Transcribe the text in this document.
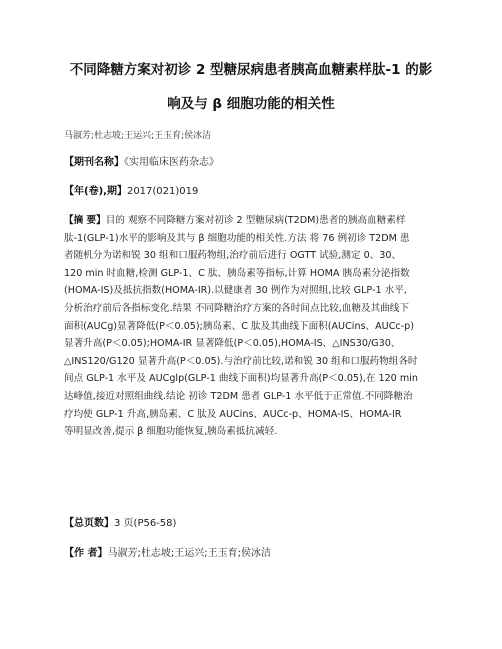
不同降糖方案对初诊 2 型糖尿病患者胰高血糖素样肽-1 的影
响及与 β 细胞功能的相关性
马淑芳;杜志坡;王运兴;王玉育;侯冰洁
【期刊名称】《实用临床医药杂志》
【年(卷),期】2017(021)019
【摘 要】目的 观察不同降糖方案对初诊 2 型糖尿病(T2DM)患者的胰高血糖素样
肽-1(GLP-1)水平的影响及其与 β 细胞功能的相关性.方法 将 76 例初诊 T2DM 患
者随机分为诺和锐 30 组和口服药物组,治疗前后进行 OGTT 试验,测定 0、30、
120 min 时血糖,检测 GLP-1、C 肽、胰岛素等指标,计算 HOMA 胰岛素分泌指数
(HOMA-IS)及抵抗指数(HOMA-IR).以健康者 30 例作为对照组,比较 GLP-1 水平,
分析治疗前后各指标变化.结果 不同降糖治疗方案的各时间点比较,血糖及其曲线下
面积(AUCg)显著降低(P＜0.05);胰岛素、C 肽及其曲线下面积(AUCins、AUCc-p)
显著升高(P＜0.05);HOMA-IR 显著降低(P＜0.05),HOMA-IS、△INS30/G30、
△INS120/G120 显著升高(P＜0.05).与治疗前比较,诺和锐 30 组和口服药物组各时
间点 GLP-1 水平及 AUCglp(GLP-1 曲线下面积)均显著升高(P＜0.05),在 120 min
达峰值,接近对照组曲线.结论 初诊 T2DM 患者 GLP-1 水平低于正常值.不同降糖治
疗均使 GLP-1 升高,胰岛素、C 肽及 AUCins、AUCc-p、HOMA-IS、HOMA-IR
等明显改善,提示 β 细胞功能恢复,胰岛素抵抗减轻.
【总页数】3 页(P56-58)
【作 者】马淑芳;杜志坡;王运兴;王玉育;侯冰洁
